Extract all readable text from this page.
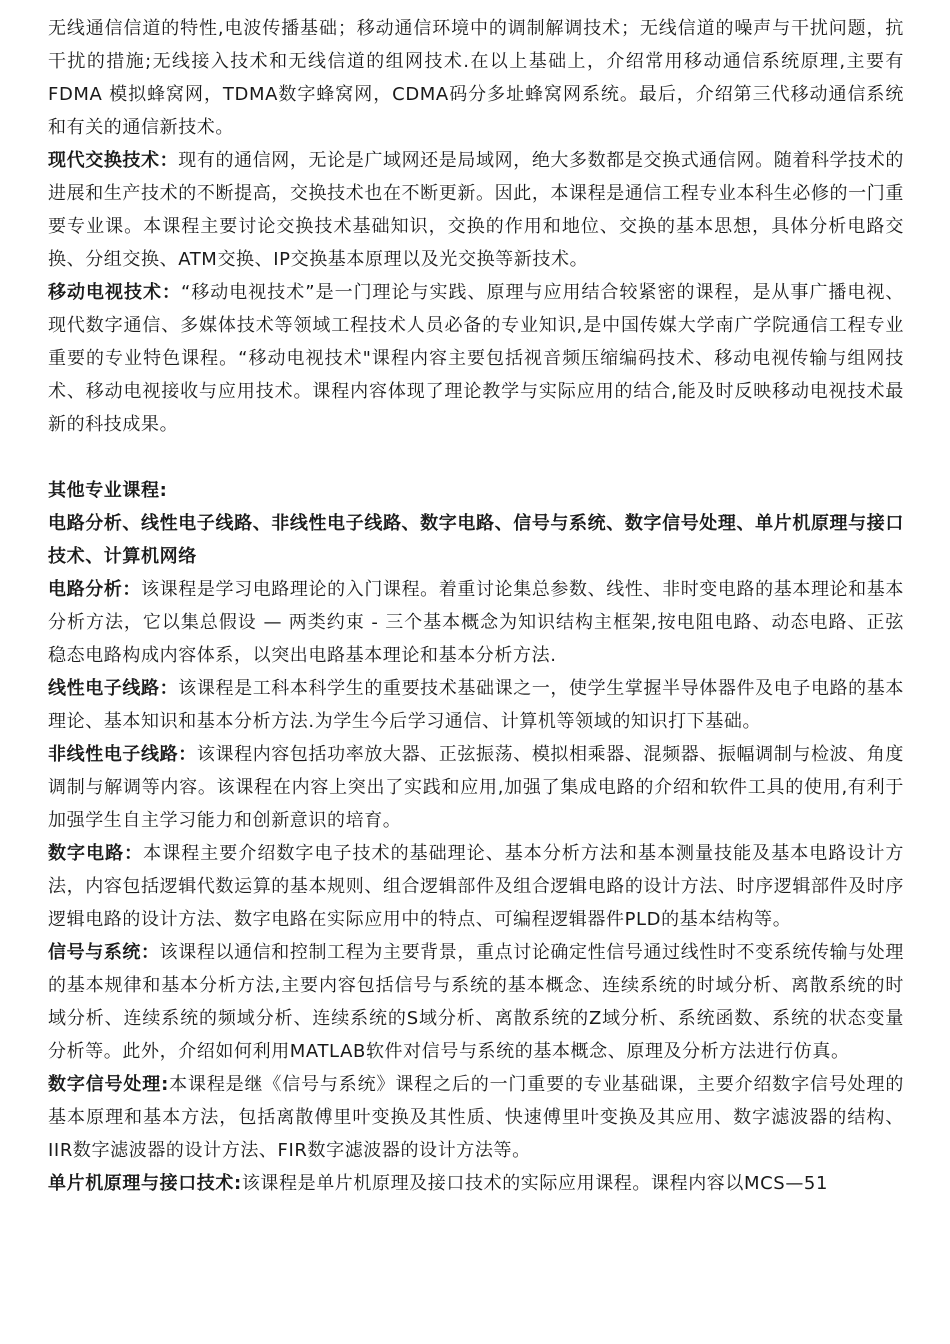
无线通信信道的特性,电波传播基础；移动通信环境中的调制解调技术；无线信道的噪声与干扰问题，抗干扰的措施;无线接入技术和无线信道的组网技术.在以上基础上，介绍常用移动通信系统原理,主要有FDMA 模拟蜂窝网，TDMA数字蜂窝网，CDMA码分多址蜂窝网系统。最后，介绍第三代移动通信系统和有关的通信新技术。

现代交换技术：现有的通信网，无论是广域网还是局域网，绝大多数都是交换式通信网。随着科学技术的进展和生产技术的不断提高，交换技术也在不断更新。因此，本课程是通信工程专业本科生必修的一门重要专业课。本课程主要讨论交换技术基础知识，交换的作用和地位、交换的基本思想，具体分析电路交换、分组交换、ATM交换、IP交换基本原理以及光交换等新技术。

移动电视技术：“移动电视技术”是一门理论与实践、原理与应用结合较紧密的课程，是从事广播电视、现代数字通信、多媒体技术等领域工程技术人员必备的专业知识,是中国传媒大学南广学院通信工程专业重要的专业特色课程。“移动电视技术"课程内容主要包括视音频压缩编码技术、移动电视传输与组网技术、移动电视接收与应用技术。课程内容体现了理论教学与实际应用的结合,能及时反映移动电视技术最新的科技成果。

其他专业课程:

电路分析、线性电子线路、非线性电子线路、数字电路、信号与系统、数字信号处理、单片机原理与接口技术、计算机网络

电路分析：该课程是学习电路理论的入门课程。着重讨论集总参数、线性、非时变电路的基本理论和基本分析方法，它以集总假设 — 两类约束 - 三个基本概念为知识结构主框架,按电阻电路、动态电路、正弦稳态电路构成内容体系，以突出电路基本理论和基本分析方法.

线性电子线路：该课程是工科本科学生的重要技术基础课之一，使学生掌握半导体器件及电子电路的基本理论、基本知识和基本分析方法.为学生今后学习通信、计算机等领域的知识打下基础。

非线性电子线路：该课程内容包括功率放大器、正弦振荡、模拟相乘器、混频器、振幅调制与检波、角度调制与解调等内容。该课程在内容上突出了实践和应用,加强了集成电路的介绍和软件工具的使用,有利于加强学生自主学习能力和创新意识的培育。

数字电路：本课程主要介绍数字电子技术的基础理论、基本分析方法和基本测量技能及基本电路设计方法，内容包括逻辑代数运算的基本规则、组合逻辑部件及组合逻辑电路的设计方法、时序逻辑部件及时序逻辑电路的设计方法、数字电路在实际应用中的特点、可编程逻辑器件PLD的基本结构等。

信号与系统：该课程以通信和控制工程为主要背景，重点讨论确定性信号通过线性时不变系统传输与处理的基本规律和基本分析方法,主要内容包括信号与系统的基本概念、连续系统的时域分析、离散系统的时域分析、连续系统的频域分析、连续系统的S域分析、离散系统的Z域分析、系统函数、系统的状态变量分析等。此外，介绍如何利用MATLAB软件对信号与系统的基本概念、原理及分析方法进行仿真。

数字信号处理:本课程是继《信号与系统》课程之后的一门重要的专业基础课，主要介绍数字信号处理的基本原理和基本方法，包括离散傅里叶变换及其性质、快速傅里叶变换及其应用、数字滤波器的结构、IIR数字滤波器的设计方法、FIR数字滤波器的设计方法等。

单片机原理与接口技术:该课程是单片机原理及接口技术的实际应用课程。课程内容以MCS—51
